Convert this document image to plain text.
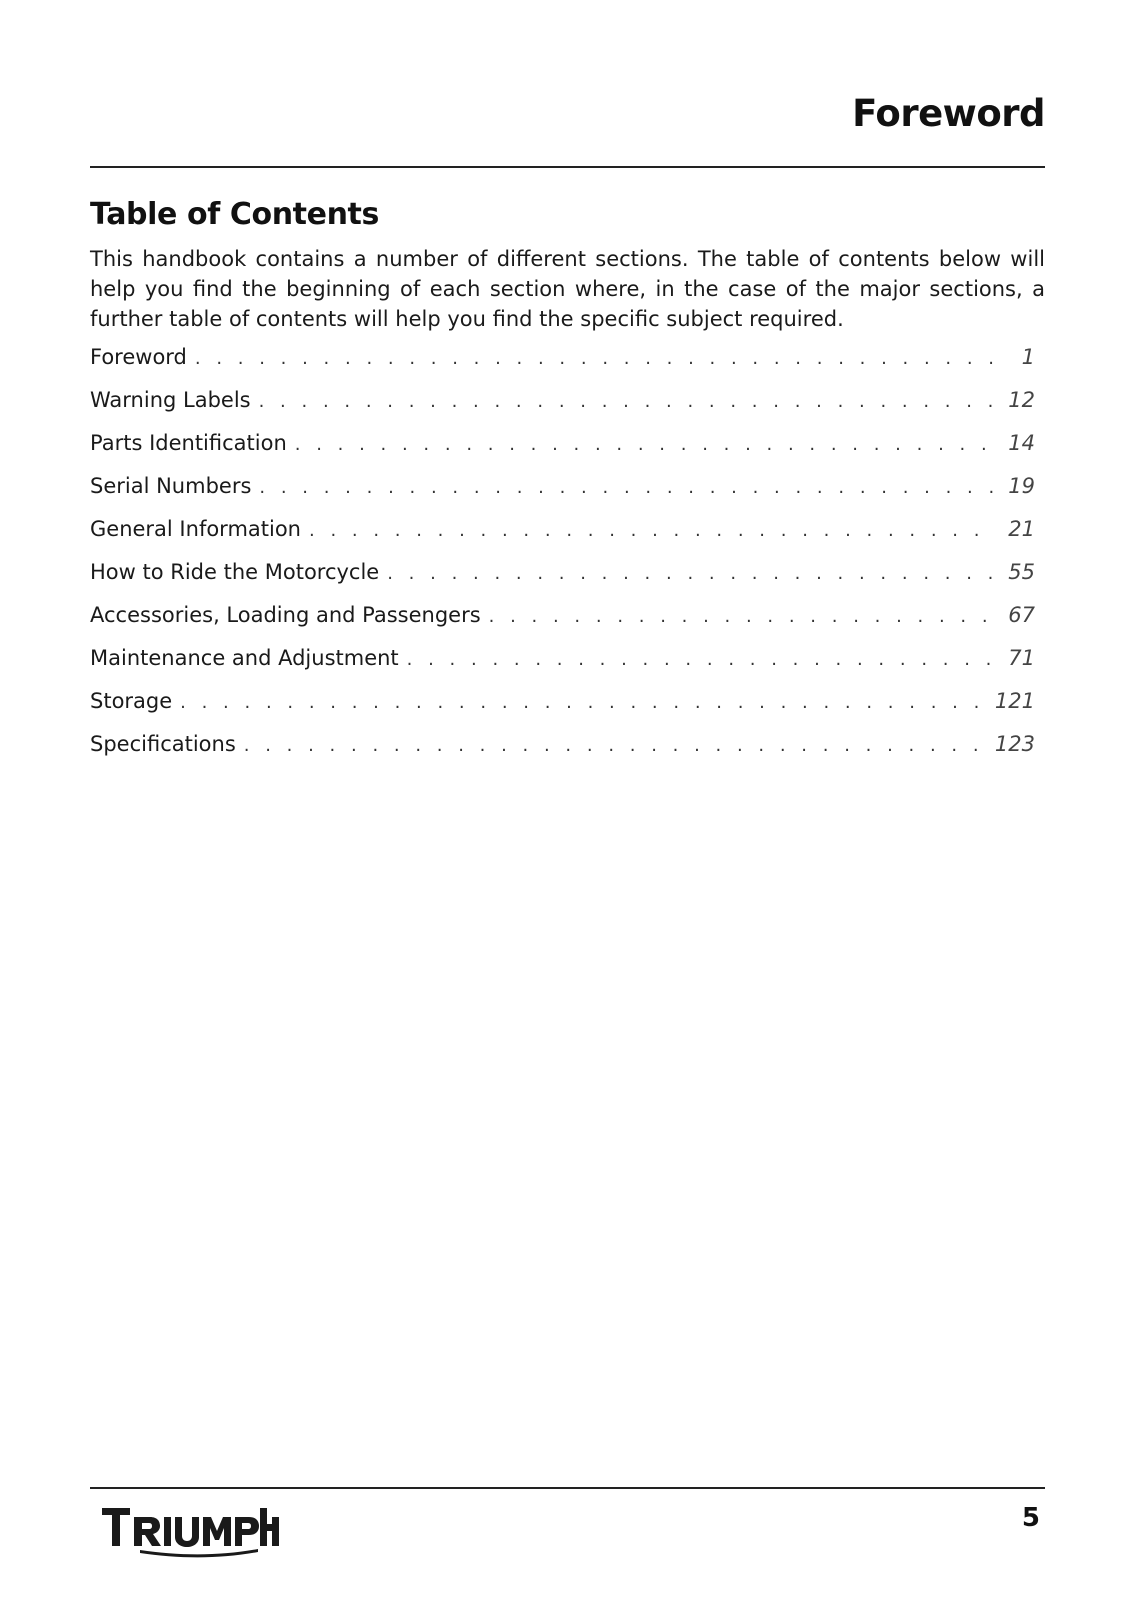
Foreword
Table of Contents
This handbook contains a number of different sections. The table of contents below will help you find the beginning of each section where, in the case of the major sections, a further table of contents will help you find the specific subject required.
Foreword . . .	1
Warning Labels . . .	12
Parts Identification . . .	14
Serial Numbers . . .	19
General Information . . .	21
How to Ride the Motorcycle . . .	55
Accessories, Loading and Passengers . . .	67
Maintenance and Adjustment . . .	71
Storage . . .	121
Specifications . . .	123
5
